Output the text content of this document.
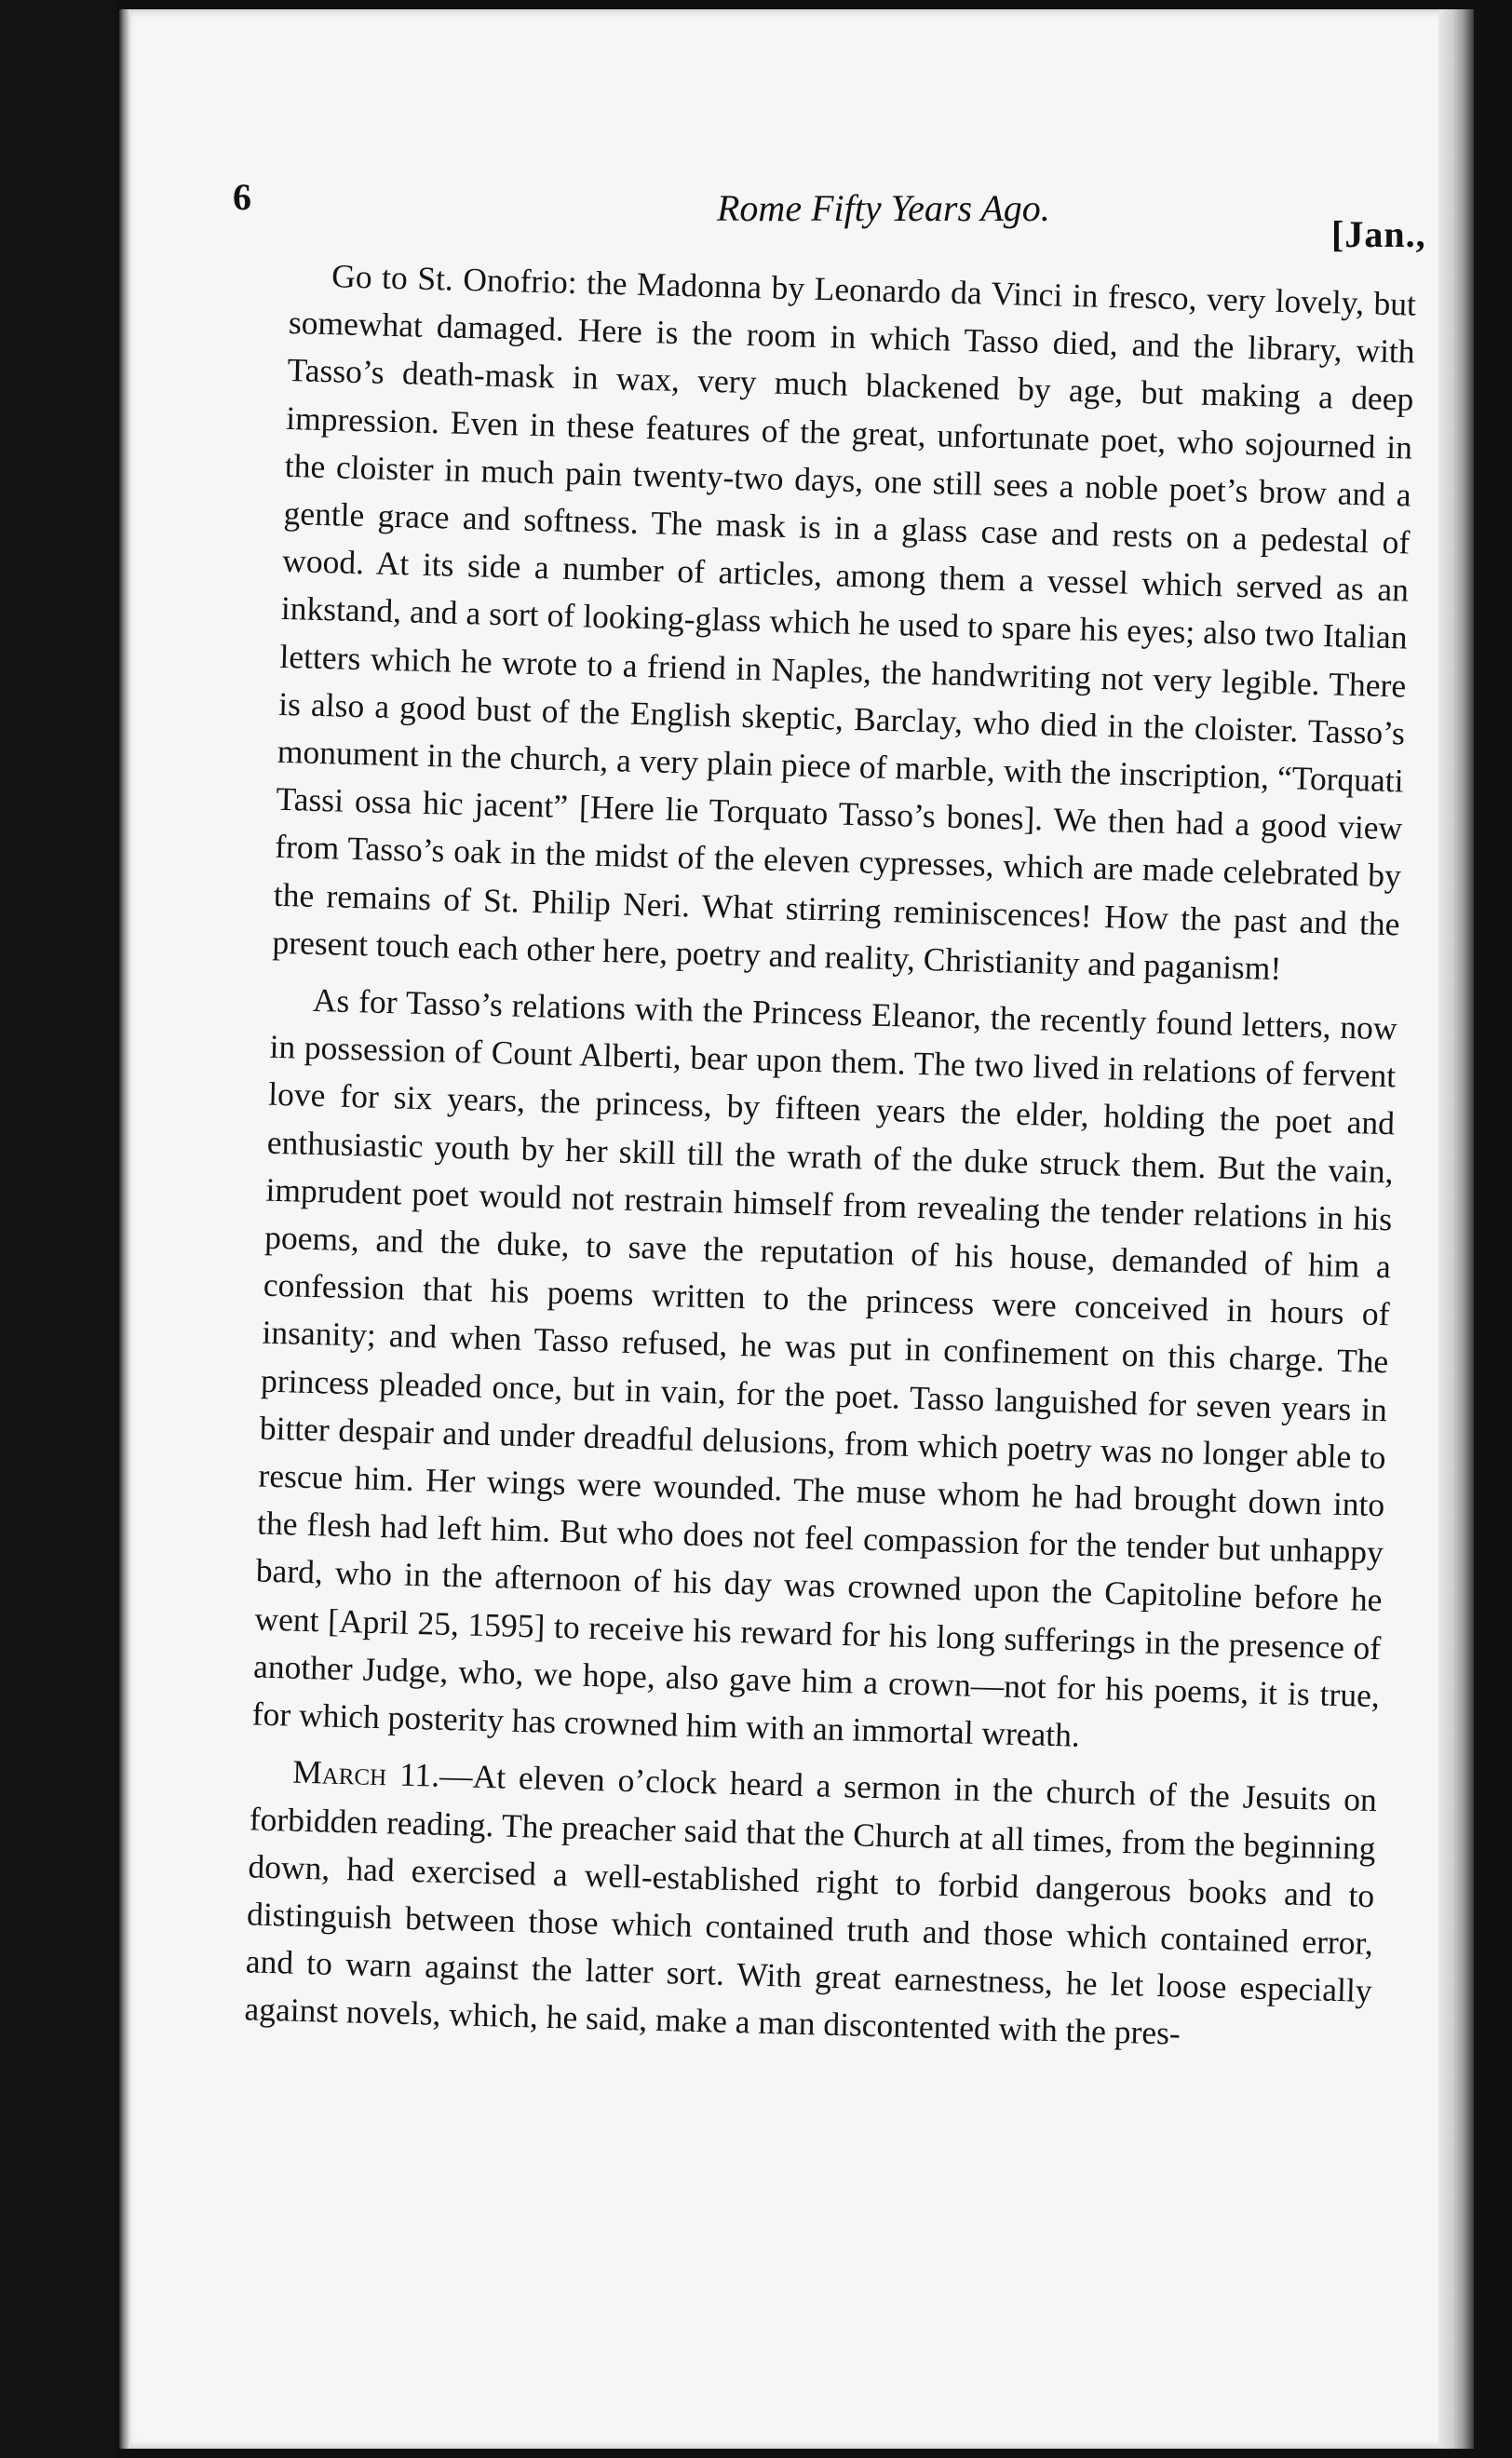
6	Rome Fifty Years Ago.
[Jan.,

Go to St. Onofrio: the Madonna by Leonardo da Vinci in fresco, very lovely, but somewhat damaged. Here is the room in which Tasso died, and the library, with Tasso’s death-mask in wax, very much blackened by age, but making a deep impression. Even in these features of the great, unfortunate poet, who sojourned in the cloister in much pain twenty-two days, one still sees a noble poet’s brow and a gentle grace and softness. The mask is in a glass case and rests on a pedestal of wood. At its side a number of articles, among them a vessel which served as an inkstand, and a sort of looking-glass which he used to spare his eyes; also two Italian letters which he wrote to a friend in Naples, the handwriting not very legible. There is also a good bust of the English skeptic, Barclay, who died in the cloister. Tasso’s monument in the church, a very plain piece of marble, with the inscription, “Torquati Tassi ossa hic jacent” [Here lie Torquato Tasso’s bones]. We then had a good view from Tasso’s oak in the midst of the eleven cypresses, which are made celebrated by the remains of St. Philip Neri. What stirring reminiscences! How the past and the present touch each other here, poetry and reality, Christianity and paganism!

As for Tasso’s relations with the Princess Eleanor, the recently found letters, now in possession of Count Alberti, bear upon them. The two lived in relations of fervent love for six years, the princess, by fifteen years the elder, holding the poet and enthusiastic youth by her skill till the wrath of the duke struck them. But the vain, imprudent poet would not restrain himself from revealing the tender relations in his poems, and the duke, to save the reputation of his house, demanded of him a confession that his poems written to the princess were conceived in hours of insanity; and when Tasso refused, he was put in confinement on this charge. The princess pleaded once, but in vain, for the poet. Tasso languished for seven years in bitter despair and under dreadful delusions, from which poetry was no longer able to rescue him. Her wings were wounded. The muse whom he had brought down into the flesh had left him. But who does not feel compassion for the tender but unhappy bard, who in the afternoon of his day was crowned upon the Capitoline before he went [April 25, 1595] to receive his reward for his long sufferings in the presence of another Judge, who, we hope, also gave him a crown—not for his poems, it is true, for which posterity has crowned him with an immortal wreath.

March 11.—At eleven o’clock heard a sermon in the church of the Jesuits on forbidden reading. The preacher said that the Church at all times, from the beginning down, had exercised a well-established right to forbid dangerous books and to distinguish between those which contained truth and those which contained error, and to warn against the latter sort. With great earnestness, he let loose especially against novels, which, he said, make a man discontented with the pres-
